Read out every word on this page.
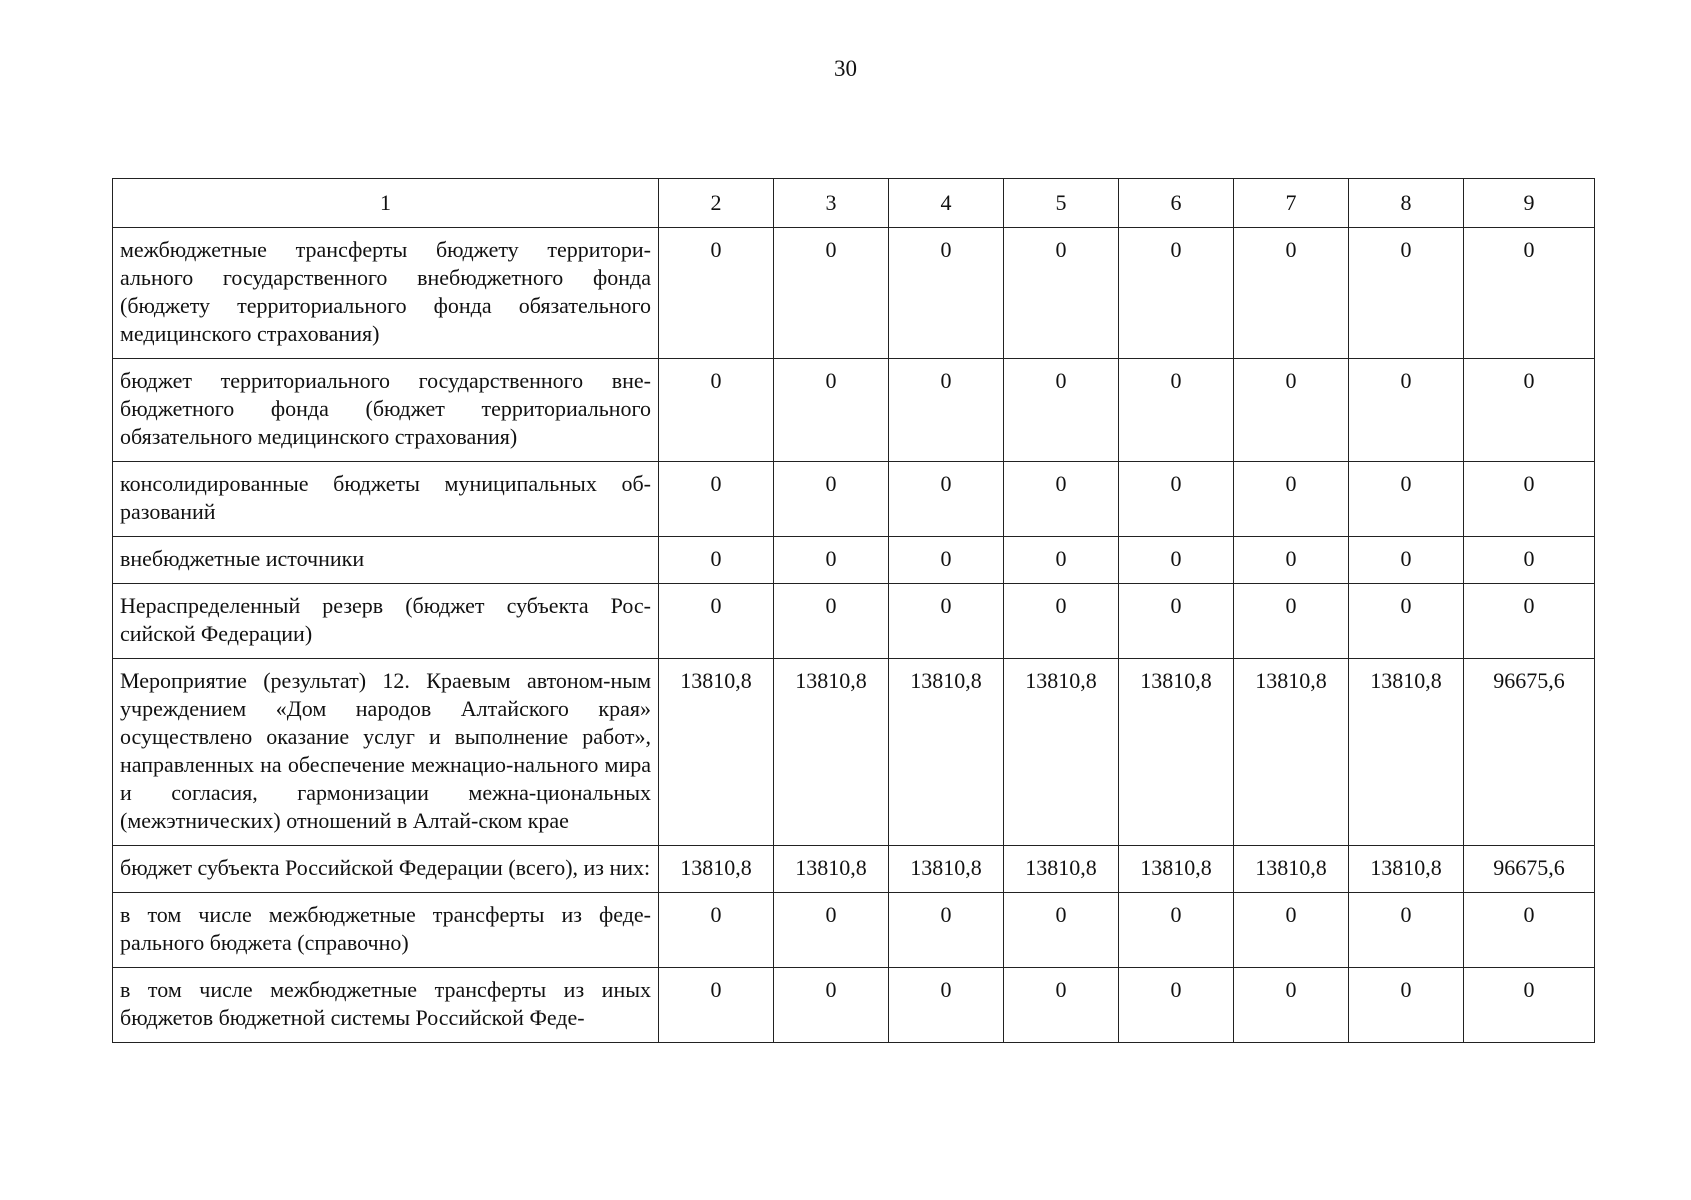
30
1	2	3	4	5	6	7	8	9
межбюджетные трансферты бюджету территори-ального государственного внебюджетного фонда (бюджету территориального фонда обязательного медицинского страхования)	0	0	0	0	0	0	0	0
бюджет территориального государственного вне-бюджетного фонда (бюджет территориального обязательного медицинского страхования)	0	0	0	0	0	0	0	0
консолидированные бюджеты муниципальных об-разований	0	0	0	0	0	0	0	0
внебюджетные источники	0	0	0	0	0	0	0	0
Нераспределенный резерв (бюджет субъекта Рос-сийской Федерации)	0	0	0	0	0	0	0	0
Мероприятие (результат) 12. Краевым автоном-ным учреждением «Дом народов Алтайского края» осуществлено оказание услуг и выполнение работ», направленных на обеспечение межнацио-нального мира и согласия, гармонизации межна-циональных (межэтнических) отношений в Алтай-ском крае	13810,8	13810,8	13810,8	13810,8	13810,8	13810,8	13810,8	96675,6
бюджет субъекта Российской Федерации (всего), из них:	13810,8	13810,8	13810,8	13810,8	13810,8	13810,8	13810,8	96675,6
в том числе межбюджетные трансферты из феде-рального бюджета (справочно)	0	0	0	0	0	0	0	0
в том числе межбюджетные трансферты из иных бюджетов бюджетной системы Российской Феде-	0	0	0	0	0	0	0	0
